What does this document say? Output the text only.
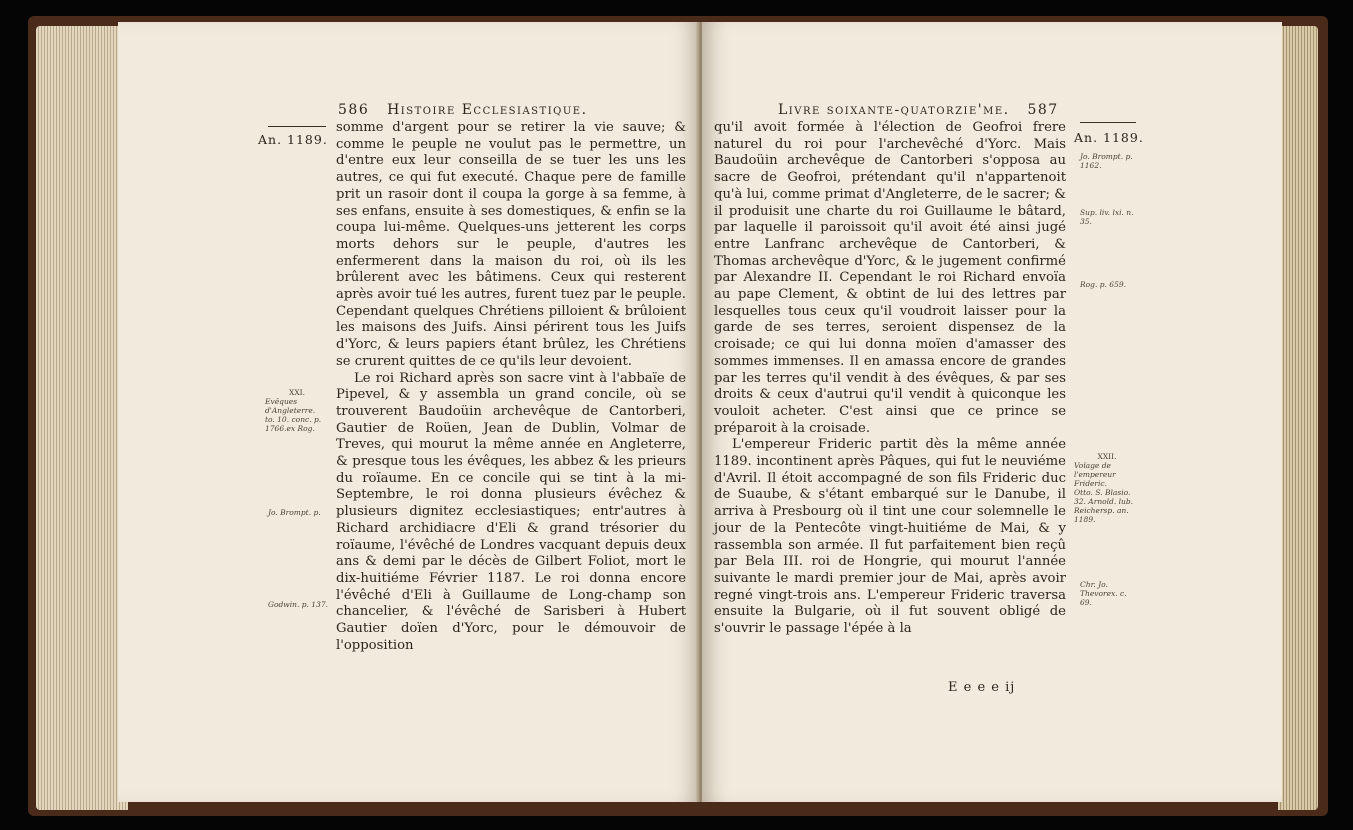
586 Histoire Ecclesiastique.
An. 1189.
XXI.
Evêques d'Angleterre.
to. 10. conc. p. 1766.ex Rog.
Jo. Brompt. p.
Godwin. p. 137.

somme d'argent pour se retirer la vie sauve; & comme le peuple ne voulut pas le permettre, un d'entre eux leur conseilla de se tuer les uns les autres, ce qui fut executé. Chaque pere de famille prit un rasoir dont il coupa la gorge à sa femme, à ses enfans, ensuite à ses domestiques, & enfin se la coupa lui-même. Quelques-uns jetterent les corps morts dehors sur le peuple, d'autres les enfermerent dans la maison du roi, où ils les brûlerent avec les bâtimens. Ceux qui resterent après avoir tué les autres, furent tuez par le peuple. Cependant quelques Chrétiens pilloient & brûloient les maisons des Juifs. Ainsi périrent tous les Juifs d'Yorc, & leurs papiers étant brûlez, les Chrétiens se crurent quittes de ce qu'ils leur devoient.

Le roi Richard après son sacre vint à l'abbaïe de Pipevel, & y assembla un grand concile, où se trouverent Baudoüin archevêque de Cantorberi, Gautier de Roüen, Jean de Dublin, Volmar de Treves, qui mourut la même année en Angleterre, & presque tous les évêques, les abbez & les prieurs du roïaume. En ce concile qui se tint à la mi-Septembre, le roi donna plusieurs évêchez & plusieurs dignitez ecclesiastiques; entr'autres à Richard archidiacre d'Eli & grand trésorier du roïaume, l'évêché de Londres vacquant depuis deux ans & demi par le décès de Gilbert Foliot, mort le dix-huitiéme Février 1187. Le roi donna encore l'évêché d'Eli à Guillaume de Long-champ son chancelier, & l'évêché de Sarisberi à Hubert Gautier doïen d'Yorc, pour le démouvoir de l'opposition

Livre soixante-quatorzie'me. 587
An. 1189.

qu'il avoit formée à l'élection de Geofroi frere naturel du roi pour l'archevêché d'Yorc. Mais Baudoüin archevêque de Cantorberi s'opposa au sacre de Geofroi, prétendant qu'il n'appartenoit qu'à lui, comme primat d'Angleterre, de le sacrer; & il produisit une charte du roi Guillaume le bâtard, par laquelle il paroissoit qu'il avoit été ainsi jugé entre Lanfranc archevêque de Cantorberi, & Thomas archevêque d'Yorc, & le jugement confirmé par Alexandre II. Cependant le roi Richard envoïa au pape Clement, & obtint de lui des lettres par lesquelles tous ceux qu'il voudroit laisser pour la garde de ses terres, seroient dispensez de la croisade; ce qui lui donna moïen d'amasser des sommes immenses. Il en amassa encore de grandes par les terres qu'il vendit à des évêques, & par ses droits & ceux d'autrui qu'il vendit à quiconque les vouloit acheter. C'est ainsi que ce prince se préparoit à la croisade.

L'empereur Frideric partit dès la même année 1189. incontinent après Pâques, qui fut le neuviéme d'Avril. Il étoit accompagné de son fils Frideric duc de Suaube, & s'étant embarqué sur le Danube, il arriva à Presbourg où il tint une cour solemnelle le jour de la Pentecôte vingt-huitiéme de Mai, & y rassembla son armée. Il fut parfaitement bien reçû par Bela III. roi de Hongrie, qui mourut l'année suivante le mardi premier jour de Mai, après avoir regné vingt-trois ans. L'empereur Frideric traversa ensuite la Bulgarie, où il fut souvent obligé de s'ouvrir le passage l'épée à la

Jo. Brompt. p. 1162.
Sup. liv. lxi. n. 35.
Rog. p. 659.
XXII.
Voïage de l'empereur Frideric.
Otto. S. Blasio. 32. Arnold. lub. Reichersp. an. 1189.
Chr. Jo. Thevorex. c. 69.
E e e e ij
